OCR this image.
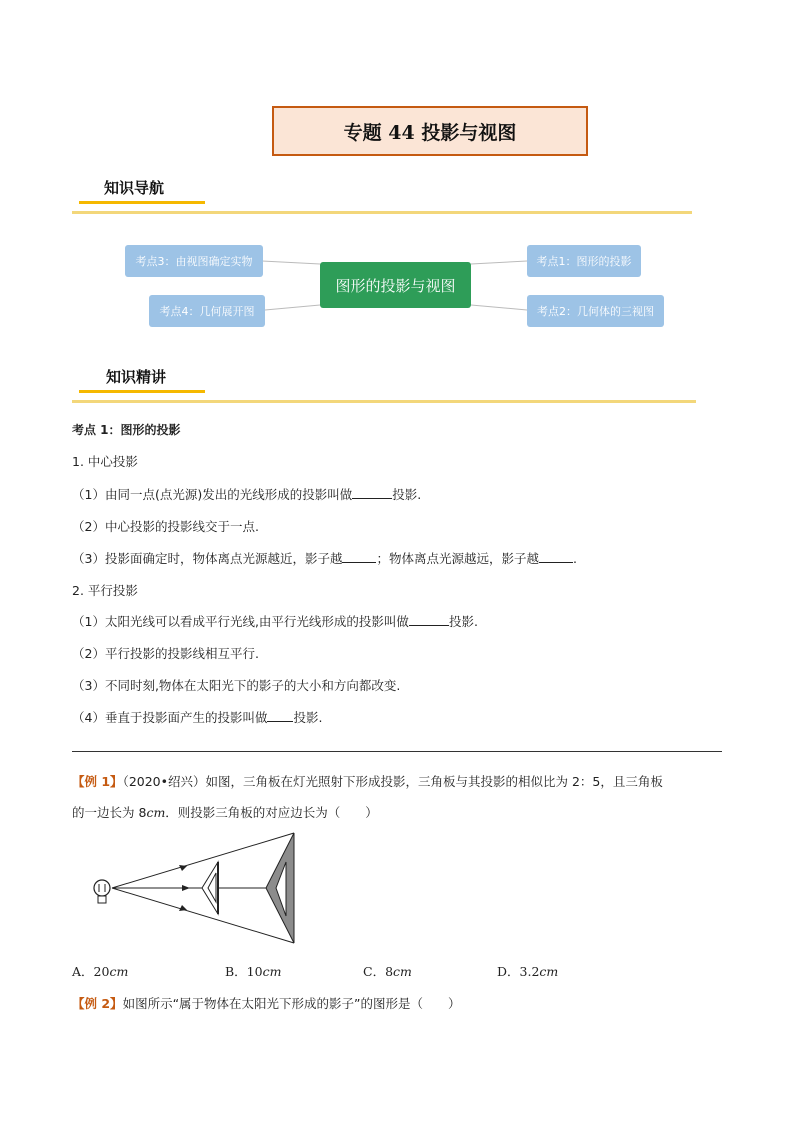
专题 44 投影与视图
知识导航
考点3：由视图确定实物
考点4：几何展开图
图形的投影与视图
考点1：图形的投影
考点2：几何体的三视图
知识精讲
考点 1：图形的投影
1. 中心投影
（1）由同一点(点光源)发出的光线形成的投影叫做	投影.
（2）中心投影的投影线交于一点.
（3）投影面确定时，物体离点光源越近，影子越	；物体离点光源越远，影子越	.
2. 平行投影
（1）太阳光线可以看成平行光线,由平行光线形成的投影叫做	投影.
（2）平行投影的投影线相互平行.
（3）不同时刻,物体在太阳光下的影子的大小和方向都改变.
（4）垂直于投影面产生的投影叫做 投影.
【例 1】（2020•绍兴）如图，三角板在灯光照射下形成投影，三角板与其投影的相似比为 2：5，且三角板
的一边长为 8cm．则投影三角板的对应边长为（　　）
A．20cm	B．10cm	C．8cm	D．3.2cm
【例 2】如图所示“属于物体在太阳光下形成的影子”的图形是（　　）
